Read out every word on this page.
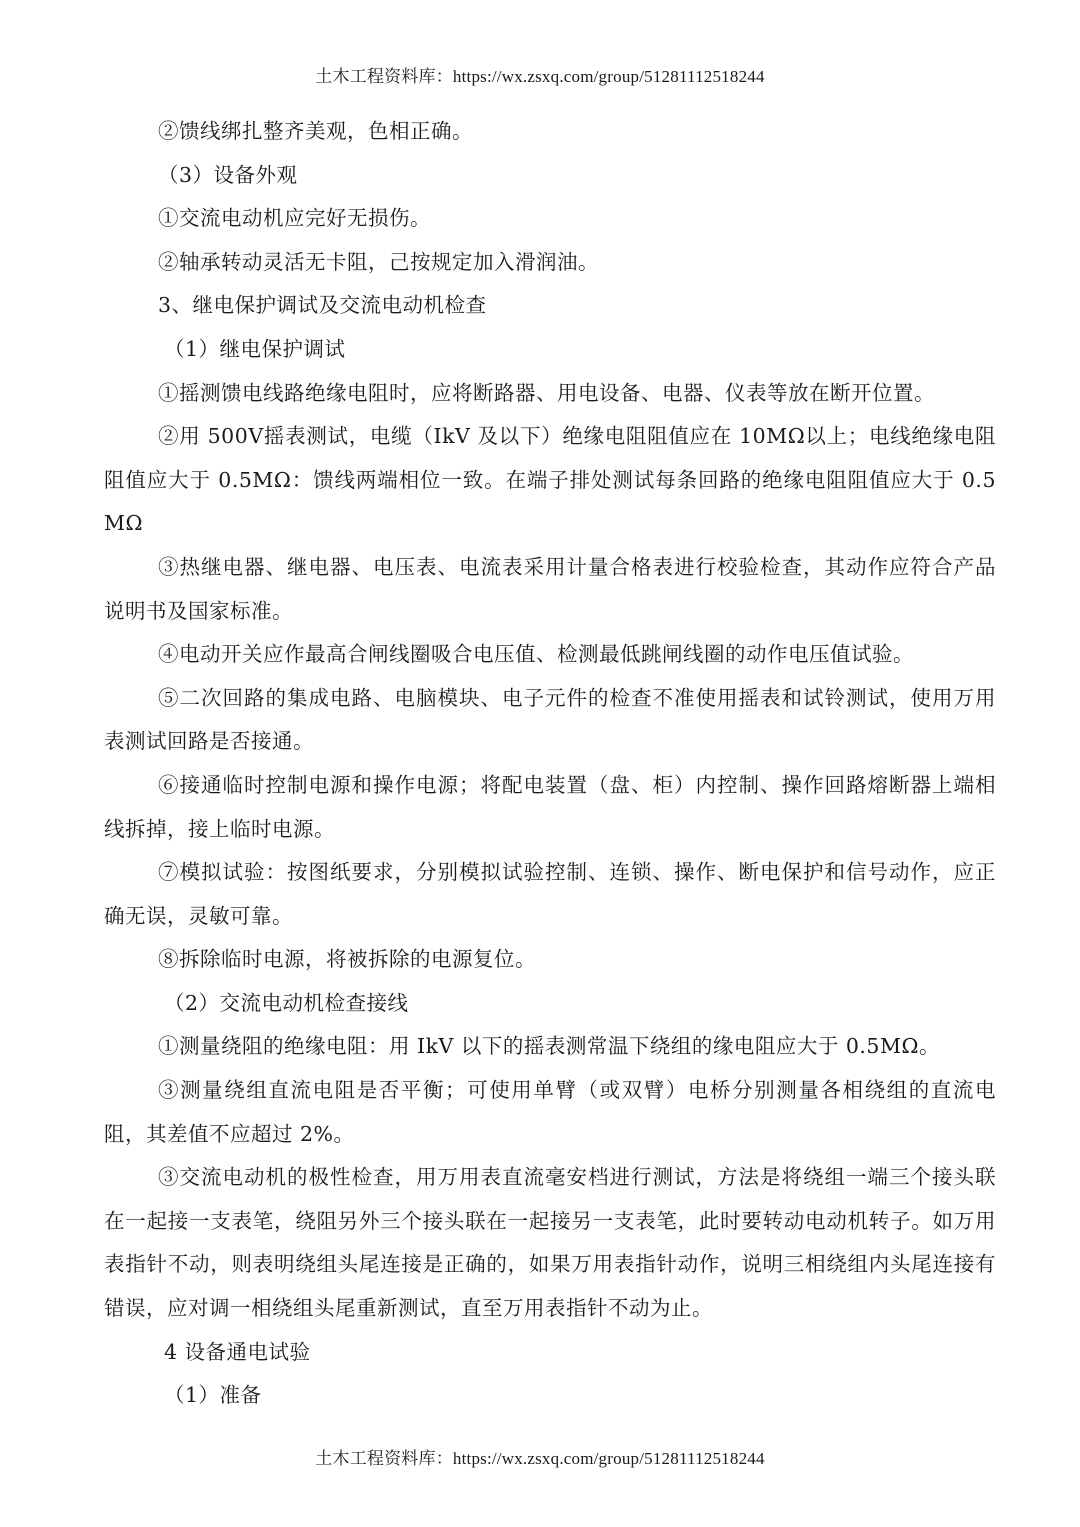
土木工程资料库：https://wx.zsxq.com/group/51281112518244

②馈线绑扎整齐美观，色相正确。

（3）设备外观

①交流电动机应完好无损伤。

②轴承转动灵活无卡阻，己按规定加入滑润油。

3、继电保护调试及交流电动机检查

（1）继电保护调试

①摇测馈电线路绝缘电阻时，应将断路器、用电设备、电器、仪表等放在断开位置。

②用 500Ⅴ摇表测试，电缆（IkV 及以下）绝缘电阻阻值应在 10MΩ以上；电线绝缘电阻阻值应大于 0.5MΩ：馈线两端相位一致。在端子排处测试每条回路的绝缘电阻阻值应大于 0.5MΩ

③热继电器、继电器、电压表、电流表采用计量合格表进行校验检查，其动作应符合产品说明书及国家标准。

④电动开关应作最高合闸线圈吸合电压值、检测最低跳闸线圈的动作电压值试验。

⑤二次回路的集成电路、电脑模块、电子元件的检查不准使用摇表和试铃测试，使用万用表测试回路是否接通。

⑥接通临时控制电源和操作电源；将配电装置（盘、柜）内控制、操作回路熔断器上端相线拆掉，接上临时电源。

⑦模拟试验：按图纸要求，分别模拟试验控制、连锁、操作、断电保护和信号动作，应正确无误，灵敏可靠。

⑧拆除临时电源，将被拆除的电源复位。

（2）交流电动机检查接线

①测量绕阻的绝缘电阻：用 IkV 以下的摇表测常温下绕组的缘电阻应大于 0.5MΩ。

③测量绕组直流电阻是否平衡；可使用单臂（或双臂）电桥分别测量各相绕组的直流电阻，其差值不应超过 2%。

③交流电动机的极性检查，用万用表直流毫安档进行测试，方法是将绕组一端三个接头联在一起接一支表笔，绕阻另外三个接头联在一起接另一支表笔，此时要转动电动机转子。如万用表指针不动，则表明绕组头尾连接是正确的，如果万用表指针动作，说明三相绕组内头尾连接有错误，应对调一相绕组头尾重新测试，直至万用表指针不动为止。

4 设备通电试验

（1）准备

土木工程资料库：https://wx.zsxq.com/group/51281112518244
